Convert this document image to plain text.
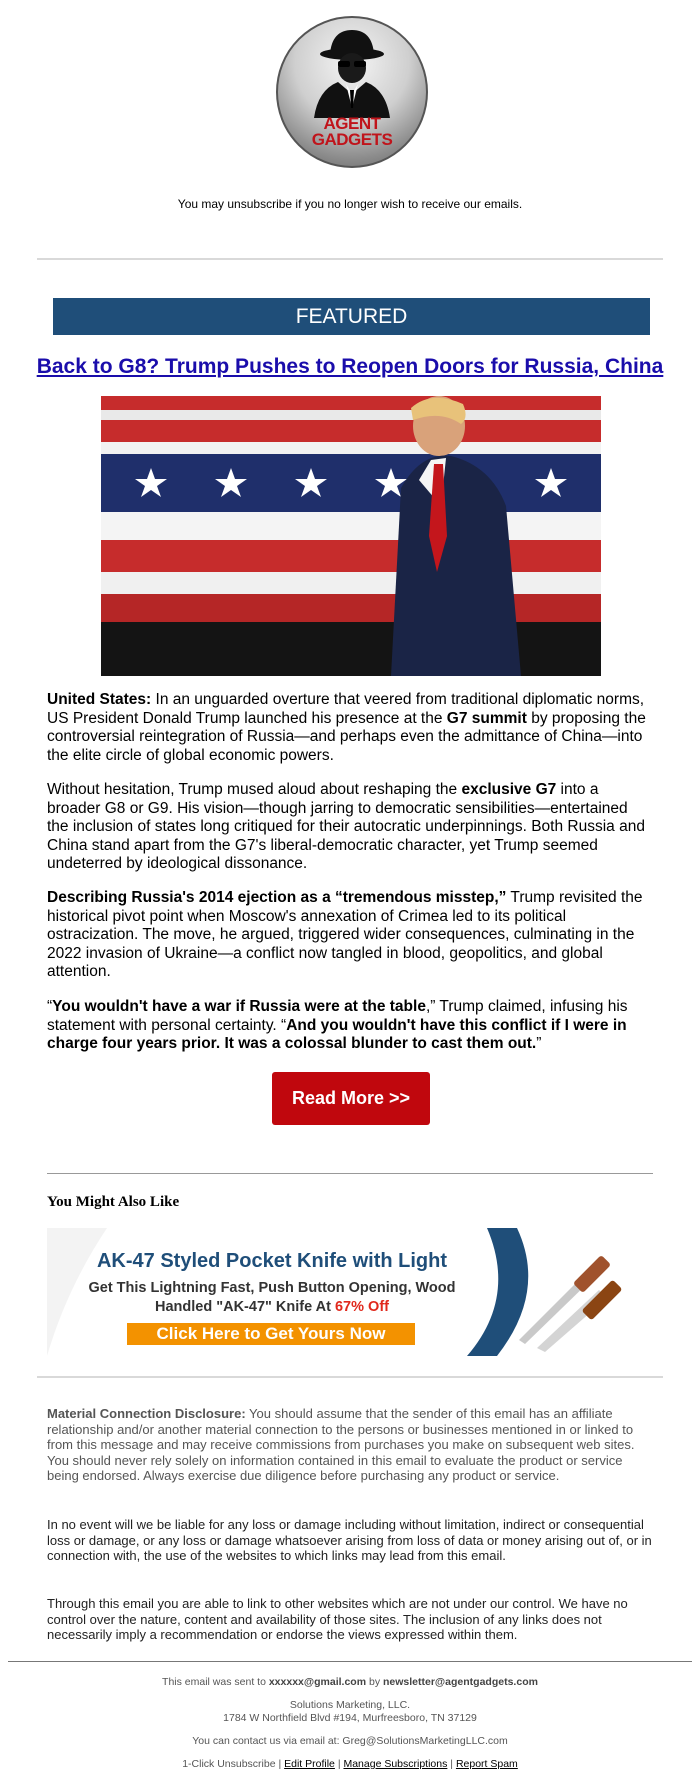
AGENT
GADGETS
You may unsubscribe if you no longer wish to receive our emails.
FEATURED
Back to G8? Trump Pushes to Reopen Doors for Russia, China

United States: In an unguarded overture that veered from traditional diplomatic norms, US President Donald Trump launched his presence at the G7 summit by proposing the controversial reintegration of Russia—and perhaps even the admittance of China—into the elite circle of global economic powers.

Without hesitation, Trump mused aloud about reshaping the exclusive G7 into a broader G8 or G9. His vision—though jarring to democratic sensibilities—entertained the inclusion of states long critiqued for their autocratic underpinnings. Both Russia and China stand apart from the G7's liberal-democratic character, yet Trump seemed undeterred by ideological dissonance.

Describing Russia's 2014 ejection as a “tremendous misstep,” Trump revisited the historical pivot point when Moscow's annexation of Crimea led to its political ostracization. The move, he argued, triggered wider consequences, culminating in the 2022 invasion of Ukraine—a conflict now tangled in blood, geopolitics, and global attention.

“You wouldn't have a war if Russia were at the table,” Trump claimed, infusing his statement with personal certainty. “And you wouldn't have this conflict if I were in charge four years prior. It was a colossal blunder to cast them out.”

Read More >>
You Might Also Like
AK-47 Styled Pocket Knife with Light
Get This Lightning Fast, Push Button Opening, Wood
Handled "AK-47" Knife At 67% Off
Click Here to Get Yours Now

Material Connection Disclosure: You should assume that the sender of this email has an affiliate relationship and/or another material connection to the persons or businesses mentioned in or linked to from this message and may receive commissions from purchases you make on subsequent web sites. You should never rely solely on information contained in this email to evaluate the product or service being endorsed. Always exercise due diligence before purchasing any product or service.

In no event will we be liable for any loss or damage including without limitation, indirect or consequential loss or damage, or any loss or damage whatsoever arising from loss of data or money arising out of, or in connection with, the use of the websites to which links may lead from this email.

Through this email you are able to link to other websites which are not under our control. We have no control over the nature, content and availability of those sites. The inclusion of any links does not necessarily imply a recommendation or endorse the views expressed within them.

This email was sent to xxxxxx@gmail.com by newsletter@agentgadgets.com
Solutions Marketing, LLC.
1784 W Northfield Blvd #194, Murfreesboro, TN 37129
You can contact us via email at: Greg@SolutionsMarketingLLC.com
1-Click Unsubscribe | Edit Profile | Manage Subscriptions | Report Spam
